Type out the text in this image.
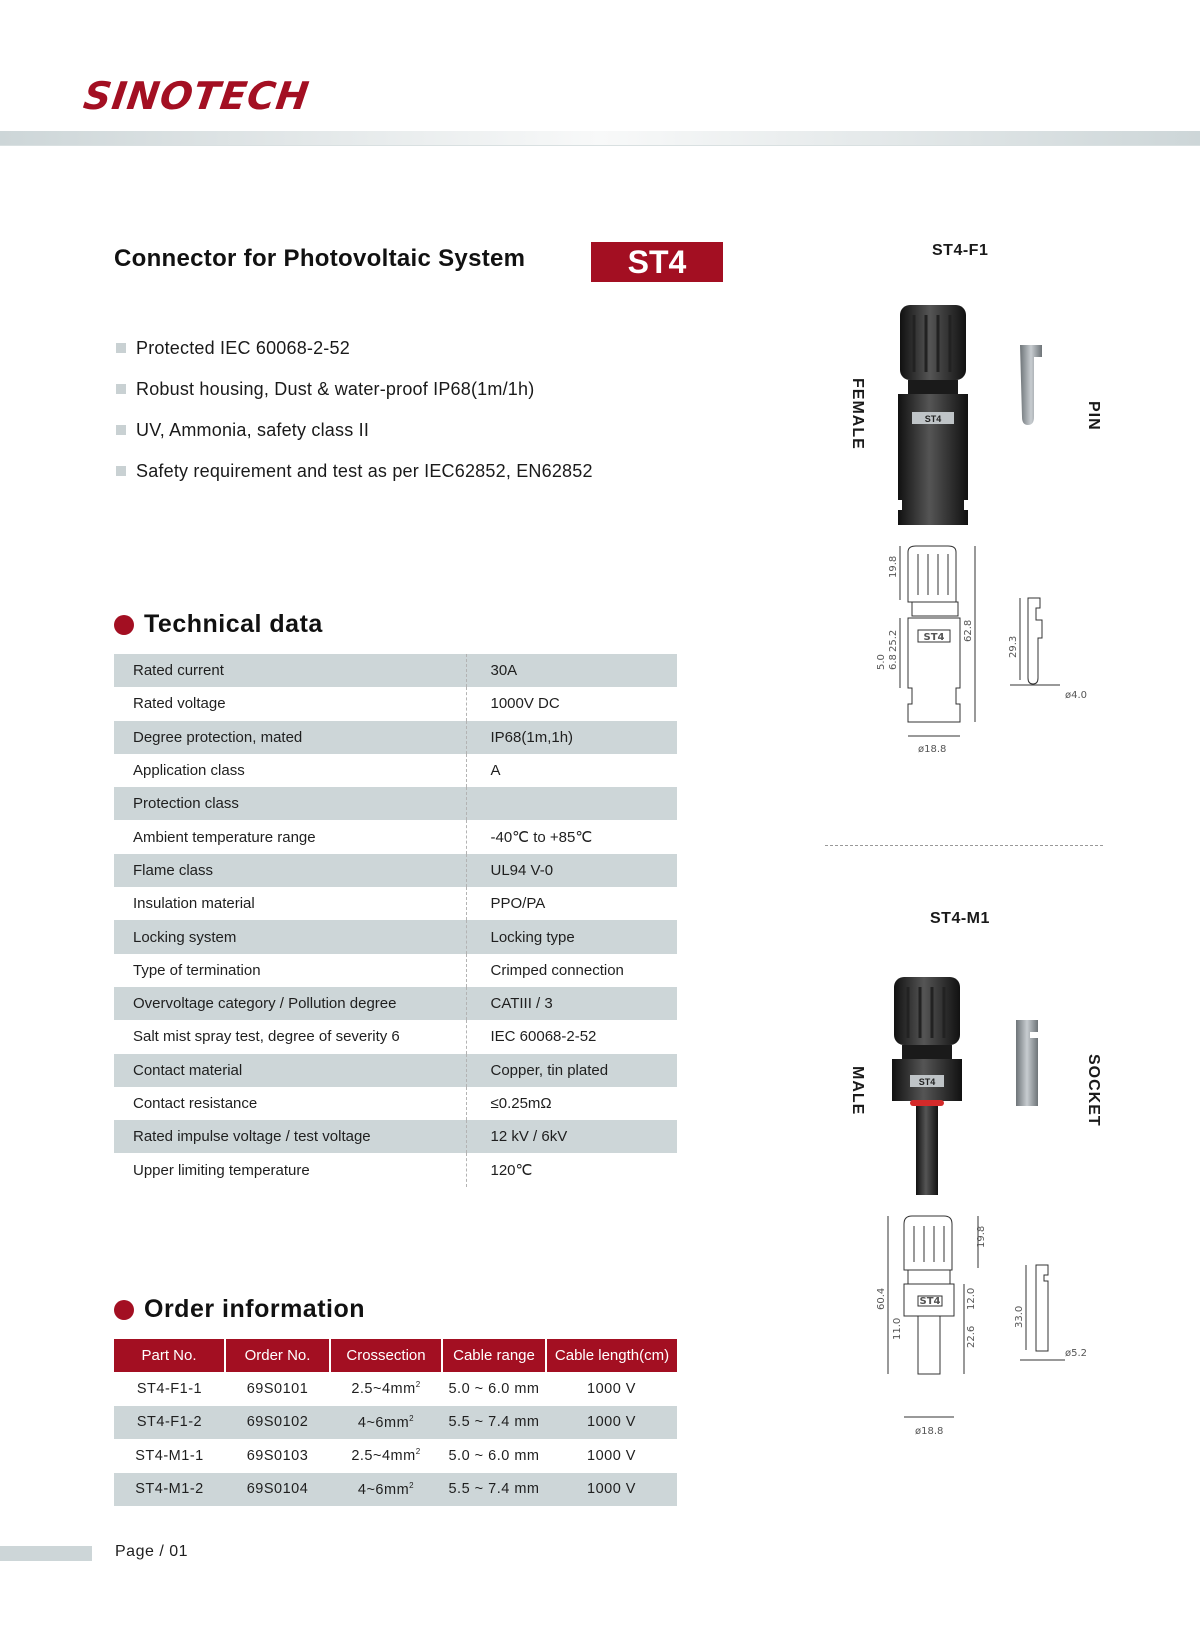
SINOTECH
Connector for Photovoltaic System	ST4
Protected IEC 60068-2-52
Robust housing, Dust & water-proof IP68(1m/1h)
UV, Ammonia, safety class II
Safety requirement and test as per IEC62852, EN62852
Technical data
Rated current	30A
Rated voltage	1000V DC
Degree protection, mated	IP68(1m,1h)
Application class	A
Protection class	
Ambient temperature range	-40℃ to +85℃
Flame class	UL94 V-0
Insulation material	PPO/PA
Locking system	Locking type
Type of termination	Crimped connection
Overvoltage category / Pollution degree	CATIII / 3
Salt mist spray test, degree of severity 6	IEC 60068-2-52
Contact material	Copper, tin plated
Contact resistance	≤0.25mΩ
Rated impulse voltage / test voltage	12 kV / 6kV
Upper limiting temperature	120℃
Order information
Part No.	Order No.	Crossection	Cable range	Cable length(cm)
ST4-F1-1	69S0101	$2.5\sim 4mm^2$	5.0 ~ 6.0 mm	1000 V
ST4-F1-2	69S0102	$4\sim 6mm^2$	5.5 ~ 7.4 mm	1000 V
ST4-M1-1	69S0103	$2.5\sim 4mm^2$	5.0 ~ 6.0 mm	1000 V
ST4-M1-2	69S0104	$4\sim 6mm^2$	5.5 ~ 7.4 mm	1000 V
Page / 01
ST4-F1
FEMALE	PIN
ST4
ST4
19.8
62.8
25.2
6.8
5.0
ø18.8
29.3
ø4.0
ST4-M1
MALE	SOCKET
ST4
ST4
19.8
60.4	12.0
22.6
11.0
ø18.8
33.0
ø5.2
